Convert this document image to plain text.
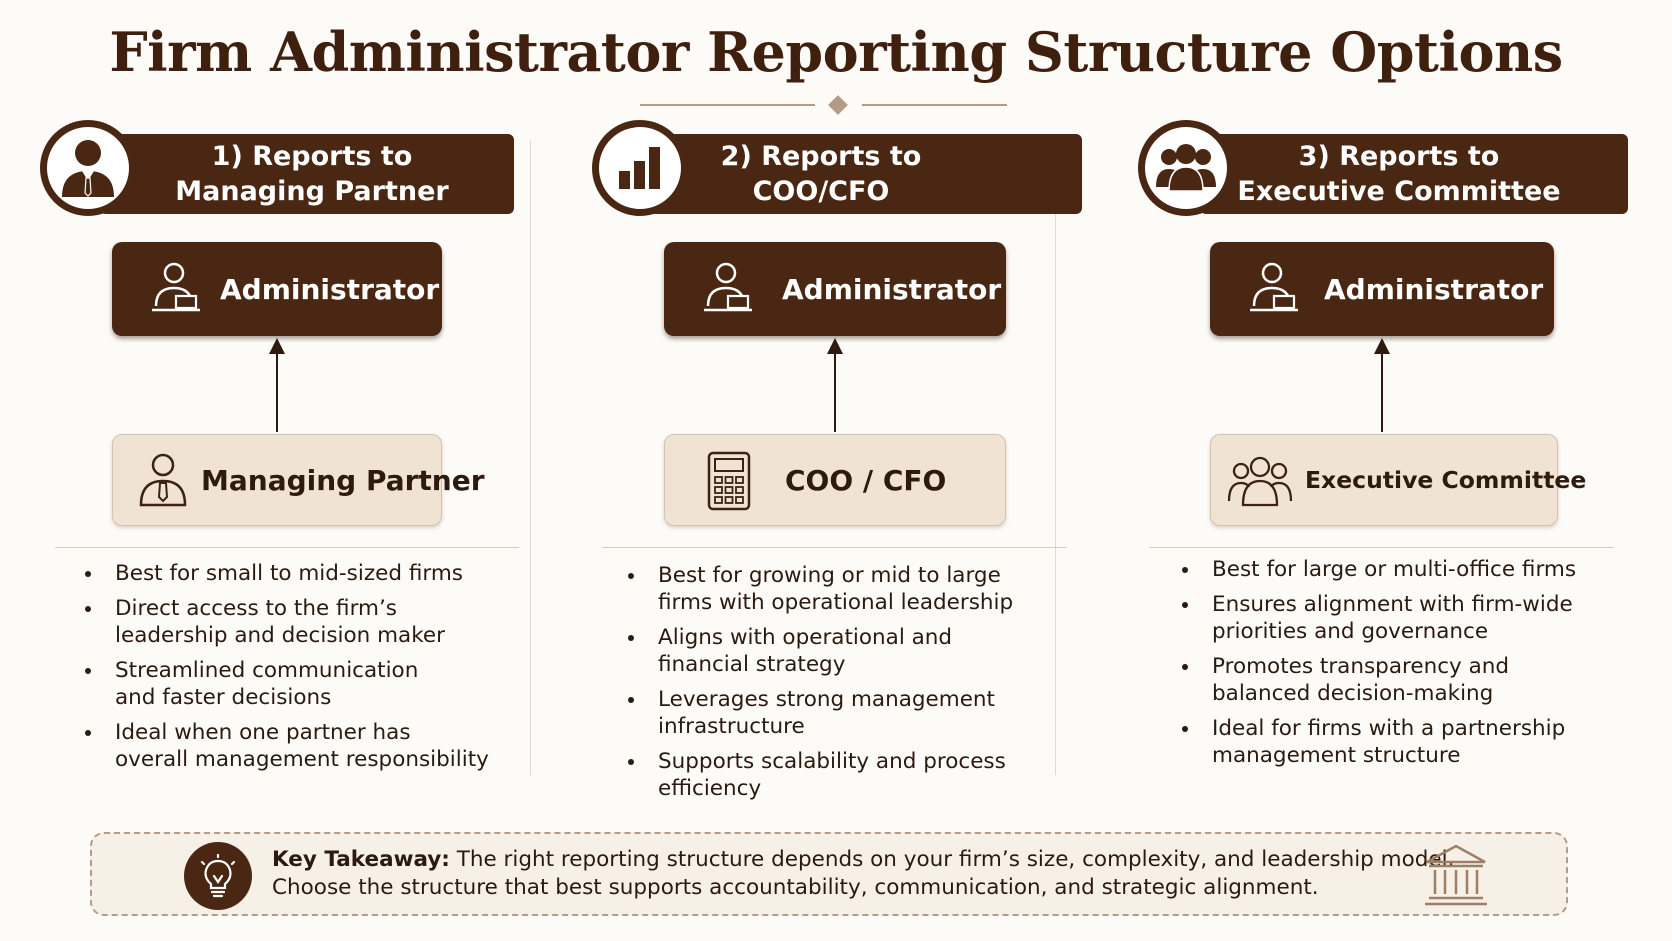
Firm Administrator Reporting Structure Options
1) Reports to
Managing Partner
Administrator
Managing Partner
Best for small to mid-sized firms
Direct access to the firm’s
leadership and decision maker
Streamlined communication
and faster decisions
Ideal when one partner has
overall management responsibility
2) Reports to
COO/CFO
Administrator
COO / CFO
Best for growing or mid to large
firms with operational leadership
Aligns with operational and
financial strategy
Leverages strong management
infrastructure
Supports scalability and process
efficiency
3) Reports to
Executive Committee
Administrator
Executive Committee
Best for large or multi-office firms
Ensures alignment with firm-wide
priorities and governance
Promotes transparency and
balanced decision-making
Ideal for firms with a partnership
management structure
Key Takeaway: The right reporting structure depends on your firm’s size, complexity, and leadership model.
Choose the structure that best supports accountability, communication, and strategic alignment.
